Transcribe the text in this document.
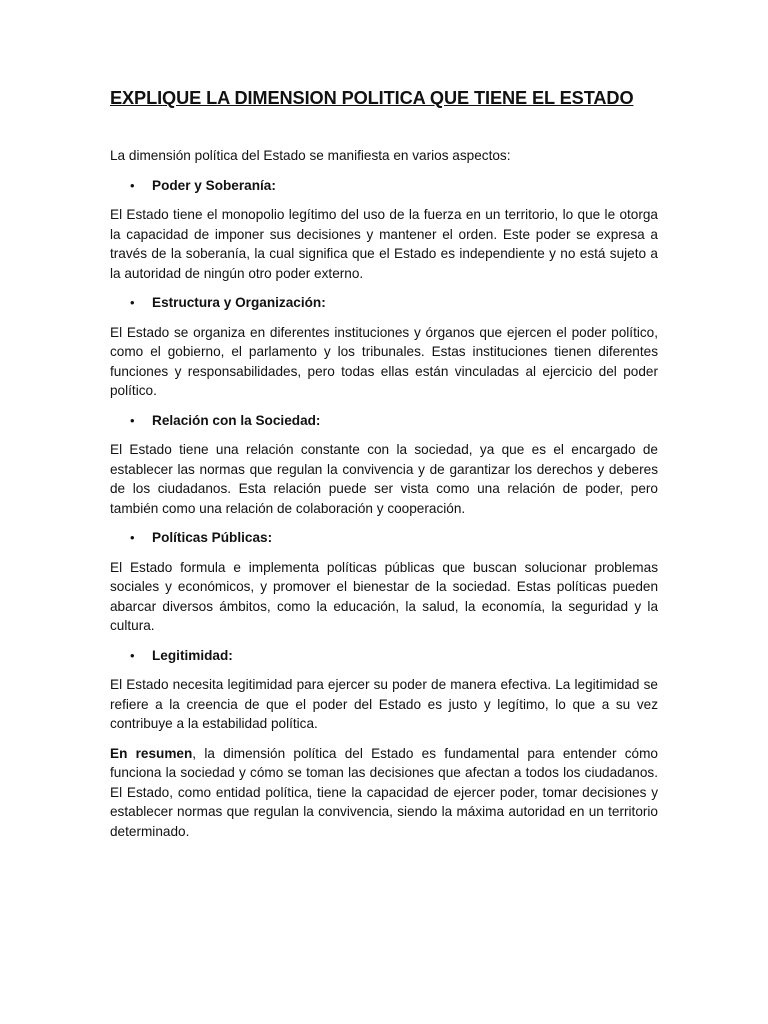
EXPLIQUE LA DIMENSION POLITICA QUE TIENE EL ESTADO

La dimensión política del Estado se manifiesta en varios aspectos:

•	Poder y Soberanía:

El Estado tiene el monopolio legítimo del uso de la fuerza en un territorio, lo que le otorga la capacidad de imponer sus decisiones y mantener el orden. Este poder se expresa a través de la soberanía, la cual significa que el Estado es independiente y no está sujeto a la autoridad de ningún otro poder externo.

•	Estructura y Organización:

El Estado se organiza en diferentes instituciones y órganos que ejercen el poder político, como el gobierno, el parlamento y los tribunales. Estas instituciones tienen diferentes funciones y responsabilidades, pero todas ellas están vinculadas al ejercicio del poder político.

•	Relación con la Sociedad:

El Estado tiene una relación constante con la sociedad, ya que es el encargado de establecer las normas que regulan la convivencia y de garantizar los derechos y deberes de los ciudadanos. Esta relación puede ser vista como una relación de poder, pero también como una relación de colaboración y cooperación.

•	Políticas Públicas:

El Estado formula e implementa políticas públicas que buscan solucionar problemas sociales y económicos, y promover el bienestar de la sociedad. Estas políticas pueden abarcar diversos ámbitos, como la educación, la salud, la economía, la seguridad y la cultura.

•	Legitimidad:

El Estado necesita legitimidad para ejercer su poder de manera efectiva. La legitimidad se refiere a la creencia de que el poder del Estado es justo y legítimo, lo que a su vez contribuye a la estabilidad política.

En resumen, la dimensión política del Estado es fundamental para entender cómo funciona la sociedad y cómo se toman las decisiones que afectan a todos los ciudadanos. El Estado, como entidad política, tiene la capacidad de ejercer poder, tomar decisiones y establecer normas que regulan la convivencia, siendo la máxima autoridad en un territorio determinado.
